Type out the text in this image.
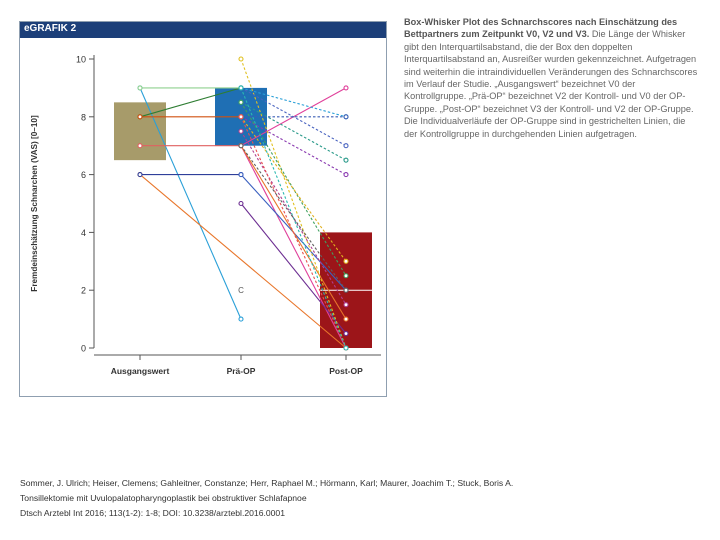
eGRAFIK 2
0
2
4
6
8
10
Fremdeinschätzung Schnarchen (VAS) [0–10]
Ausgangswert	Prä-OP	Post-OP
C
Box-Whisker Plot des Schnarchscores nach Einschätzung des Bettpartners zum Zeitpunkt V0, V2 und V3. Die Länge der Whisker gibt den Interquartilsabstand, die der Box den doppelten Interquartilsabstand an, Ausreißer wurden gekennzeichnet. Aufgetragen sind weiterhin die intraindividuellen Veränderungen des Schnarchscores im Verlauf der Studie. „Ausgangswert“ bezeichnet V0 der Kontrollgruppe. „Prä-OP“ bezeichnet V2 der Kontroll- und V0 der OP-Gruppe. „Post-OP“ bezeichnet V3 der Kontroll- und V2 der OP-Gruppe. Die Individualverläufe der OP-Gruppe sind in gestrichelten Linien, die der Kontrollgruppe in durchgehenden Linien aufgetragen.
Sommer, J. Ulrich; Heiser, Clemens; Gahleitner, Constanze; Herr, Raphael M.; Hörmann, Karl; Maurer, Joachim T.; Stuck, Boris A.
Tonsillektomie mit Uvulopalatopharyngoplastik bei obstruktiver Schlafapnoe
Dtsch Arztebl Int 2016; 113(1-2): 1-8; DOI: 10.3238/arztebl.2016.0001
